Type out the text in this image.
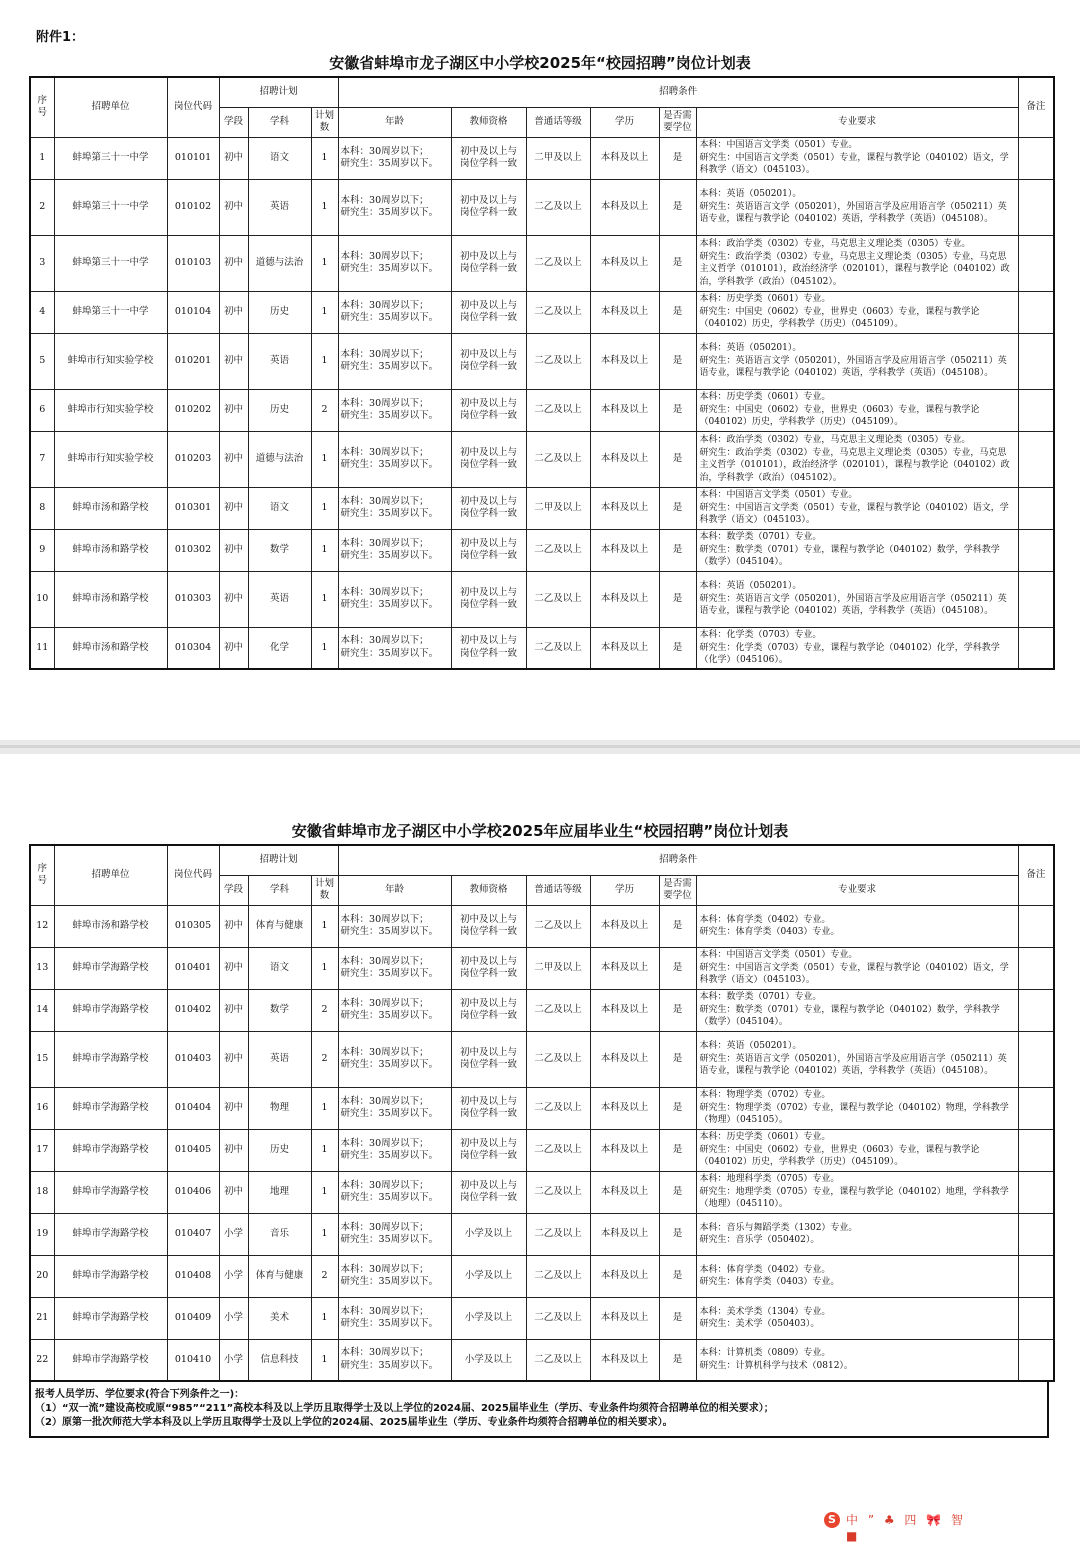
附件1：
安徽省蚌埠市龙子湖区中小学校2025年“校园招聘”岗位计划表
序号	招聘单位	岗位代码	招聘计划			招聘条件						备注
			学段	学科	计划数	年龄	教师资格	普通话等级	学历	是否需要学位	专业要求	
1	蚌埠第三十一中学	010101	初中	语文	1	本科：30周岁以下；
研究生：35周岁以下。	初中及以上与
岗位学科一致	二甲及以上	本科及以上	是	本科：中国语言文学类（0501）专业。
研究生：中国语言文学类（0501）专业，课程与教学论（040102）语文，学科教学（语文）（045103）。	
2	蚌埠第三十一中学	010102	初中	英语	1	本科：30周岁以下；
研究生：35周岁以下。	初中及以上与
岗位学科一致	二乙及以上	本科及以上	是	本科：英语（050201）。
研究生：英语语言文学（050201），外国语言学及应用语言学（050211）英语专业，课程与教学论（040102）英语，学科教学（英语）（045108）。	
3	蚌埠第三十一中学	010103	初中	道德与法治	1	本科：30周岁以下；
研究生：35周岁以下。	初中及以上与
岗位学科一致	二乙及以上	本科及以上	是	本科：政治学类（0302）专业，马克思主义理论类（0305）专业。
研究生：政治学类（0302）专业，马克思主义理论类（0305）专业，马克思主义哲学（010101），政治经济学（020101），课程与教学论（040102）政治，学科教学（政治）（045102）。	
4	蚌埠第三十一中学	010104	初中	历史	1	本科：30周岁以下；
研究生：35周岁以下。	初中及以上与
岗位学科一致	二乙及以上	本科及以上	是	本科：历史学类（0601）专业。
研究生：中国史（0602）专业，世界史（0603）专业，课程与教学论（040102）历史，学科教学（历史）（045109）。	
5	蚌埠市行知实验学校	010201	初中	英语	1	本科：30周岁以下；
研究生：35周岁以下。	初中及以上与
岗位学科一致	二乙及以上	本科及以上	是	本科：英语（050201）。
研究生：英语语言文学（050201），外国语言学及应用语言学（050211）英语专业，课程与教学论（040102）英语，学科教学（英语）（045108）。	
6	蚌埠市行知实验学校	010202	初中	历史	2	本科：30周岁以下；
研究生：35周岁以下。	初中及以上与
岗位学科一致	二乙及以上	本科及以上	是	本科：历史学类（0601）专业。
研究生：中国史（0602）专业，世界史（0603）专业，课程与教学论（040102）历史，学科教学（历史）（045109）。	
7	蚌埠市行知实验学校	010203	初中	道德与法治	1	本科：30周岁以下；
研究生：35周岁以下。	初中及以上与
岗位学科一致	二乙及以上	本科及以上	是	本科：政治学类（0302）专业，马克思主义理论类（0305）专业。
研究生：政治学类（0302）专业，马克思主义理论类（0305）专业，马克思主义哲学（010101），政治经济学（020101），课程与教学论（040102）政治，学科教学（政治）（045102）。	
8	蚌埠市汤和路学校	010301	初中	语文	1	本科：30周岁以下；
研究生：35周岁以下。	初中及以上与
岗位学科一致	二甲及以上	本科及以上	是	本科：中国语言文学类（0501）专业。
研究生：中国语言文学类（0501）专业，课程与教学论（040102）语文，学科教学（语文）（045103）。	
9	蚌埠市汤和路学校	010302	初中	数学	1	本科：30周岁以下；
研究生：35周岁以下。	初中及以上与
岗位学科一致	二乙及以上	本科及以上	是	本科：数学类（0701）专业。
研究生：数学类（0701）专业，课程与教学论（040102）数学，学科教学（数学）（045104）。	
10	蚌埠市汤和路学校	010303	初中	英语	1	本科：30周岁以下；
研究生：35周岁以下。	初中及以上与
岗位学科一致	二乙及以上	本科及以上	是	本科：英语（050201）。
研究生：英语语言文学（050201），外国语言学及应用语言学（050211）英语专业，课程与教学论（040102）英语，学科教学（英语）（045108）。	
11	蚌埠市汤和路学校	010304	初中	化学	1	本科：30周岁以下；
研究生：35周岁以下。	初中及以上与
岗位学科一致	二乙及以上	本科及以上	是	本科：化学类（0703）专业。
研究生：化学类（0703）专业，课程与教学论（040102）化学，学科教学（化学）（045106）。	
安徽省蚌埠市龙子湖区中小学校2025年应届毕业生“校园招聘”岗位计划表
序号	招聘单位	岗位代码	招聘计划			招聘条件						备注
			学段	学科	计划数	年龄	教师资格	普通话等级	学历	是否需要学位	专业要求	
12	蚌埠市汤和路学校	010305	初中	体育与健康	1	本科：30周岁以下；
研究生：35周岁以下。	初中及以上与
岗位学科一致	二乙及以上	本科及以上	是	本科：体育学类（0402）专业。
研究生：体育学类（0403）专业。	
13	蚌埠市学海路学校	010401	初中	语文	1	本科：30周岁以下；
研究生：35周岁以下。	初中及以上与
岗位学科一致	二甲及以上	本科及以上	是	本科：中国语言文学类（0501）专业。
研究生：中国语言文学类（0501）专业，课程与教学论（040102）语文，学科教学（语文）（045103）。	
14	蚌埠市学海路学校	010402	初中	数学	2	本科：30周岁以下；
研究生：35周岁以下。	初中及以上与
岗位学科一致	二乙及以上	本科及以上	是	本科：数学类（0701）专业。
研究生：数学类（0701）专业，课程与教学论（040102）数学，学科教学（数学）（045104）。	
15	蚌埠市学海路学校	010403	初中	英语	2	本科：30周岁以下；
研究生：35周岁以下。	初中及以上与
岗位学科一致	二乙及以上	本科及以上	是	本科：英语（050201）。
研究生：英语语言文学（050201），外国语言学及应用语言学（050211）英语专业，课程与教学论（040102）英语，学科教学（英语）（045108）。	
16	蚌埠市学海路学校	010404	初中	物理	1	本科：30周岁以下；
研究生：35周岁以下。	初中及以上与
岗位学科一致	二乙及以上	本科及以上	是	本科：物理学类（0702）专业。
研究生：物理学类（0702）专业，课程与教学论（040102）物理，学科教学（物理）（045105）。	
17	蚌埠市学海路学校	010405	初中	历史	1	本科：30周岁以下；
研究生：35周岁以下。	初中及以上与
岗位学科一致	二乙及以上	本科及以上	是	本科：历史学类（0601）专业。
研究生：中国史（0602）专业，世界史（0603）专业，课程与教学论（040102）历史，学科教学（历史）（045109）。	
18	蚌埠市学海路学校	010406	初中	地理	1	本科：30周岁以下；
研究生：35周岁以下。	初中及以上与
岗位学科一致	二乙及以上	本科及以上	是	本科：地理科学类（0705）专业。
研究生：地理学类（0705）专业，课程与教学论（040102）地理，学科教学（地理）（045110）。	
19	蚌埠市学海路学校	010407	小学	音乐	1	本科：30周岁以下；
研究生：35周岁以下。	小学及以上	二乙及以上	本科及以上	是	本科：音乐与舞蹈学类（1302）专业。
研究生：音乐学（050402）。	
20	蚌埠市学海路学校	010408	小学	体育与健康	2	本科：30周岁以下；
研究生：35周岁以下。	小学及以上	二乙及以上	本科及以上	是	本科：体育学类（0402）专业。
研究生：体育学类（0403）专业。	
21	蚌埠市学海路学校	010409	小学	美术	1	本科：30周岁以下；
研究生：35周岁以下。	小学及以上	二乙及以上	本科及以上	是	本科：美术学类（1304）专业。
研究生：美术学（050403）。	
22	蚌埠市学海路学校	010410	小学	信息科技	1	本科：30周岁以下；
研究生：35周岁以下。	小学及以上	二乙及以上	本科及以上	是	本科：计算机类（0809）专业。
研究生：计算机科学与技术（0812）。	
报考人员学历、学位要求(符合下列条件之一)：
（1）“双一流”建设高校或原“985”“211”高校本科及以上学历且取得学士及以上学位的2024届、2025届毕业生（学历、专业条件均须符合招聘单位的相关要求）；
（2）原第一批次师范大学本科及以上学历且取得学士及以上学位的2024届、2025届毕业生（学历、专业条件均须符合招聘单位的相关要求）。
S 中 ” ♣ 四 🎀 智 ■
